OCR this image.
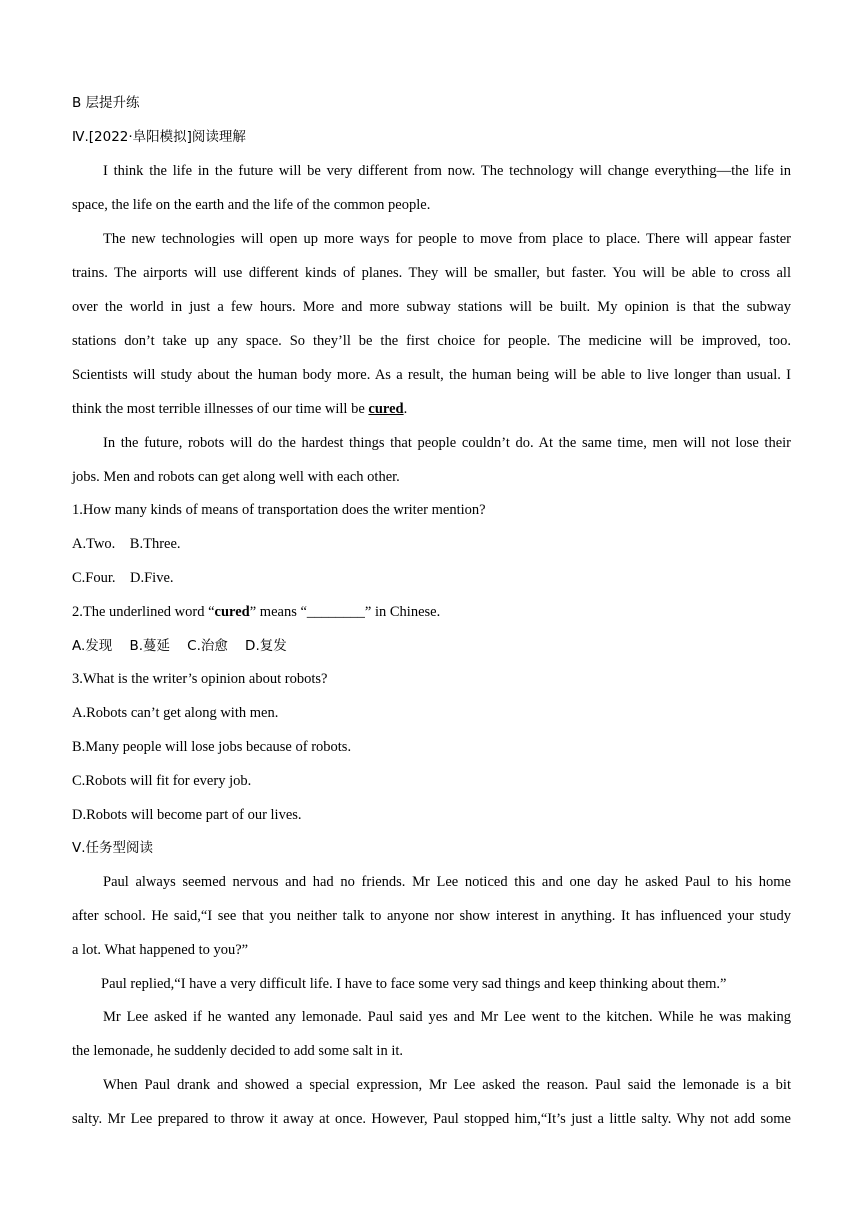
B 层提升练
Ⅳ.[2022·阜阳模拟]阅读理解
I think the life in the future will be very different from now. The technology will change everything—the life in
space, the life on the earth and the life of the common people.
The new technologies will open up more ways for people to move from place to place. There will appear faster
trains. The airports will use different kinds of planes. They will be smaller, but faster. You will be able to cross all
over the world in just a few hours. More and more subway stations will be built. My opinion is that the subway
stations don’t take up any space. So they’ll be the first choice for people. The medicine will be improved, too.
Scientists will study about the human body more. As a result, the human being will be able to live longer than usual. I
think the most terrible illnesses of our time will be cured.
In the future, robots will do the hardest things that people couldn’t do. At the same time, men will not lose their
jobs. Men and robots can get along well with each other.
1.How many kinds of means of transportation does the writer mention?
A.Two.    B.Three.
C.Four.    D.Five.
2.The underlined word “cured” means “________” in Chinese.
A.发现    B.蔓延    C.治愈    D.复发
3.What is the writer’s opinion about robots?
A.Robots can’t get along with men.
B.Many people will lose jobs because of robots.
C.Robots will fit for every job.
D.Robots will become part of our lives.
Ⅴ.任务型阅读
Paul always seemed nervous and had no friends. Mr Lee noticed this and one day he asked Paul to his home
after school. He said,“I see that you neither talk to anyone nor show interest in anything. It has influenced your study
a lot. What happened to you?”
Paul replied,“I have a very difficult life. I have to face some very sad things and keep thinking about them.”
Mr Lee asked if he wanted any lemonade. Paul said yes and Mr Lee went to the kitchen. While he was making
the lemonade, he suddenly decided to add some salt in it.
When Paul drank and showed a special expression, Mr Lee asked the reason. Paul said the lemonade is a bit
salty. Mr Lee prepared to throw it away at once. However, Paul stopped him,“It’s just a little salty. Why not add some
